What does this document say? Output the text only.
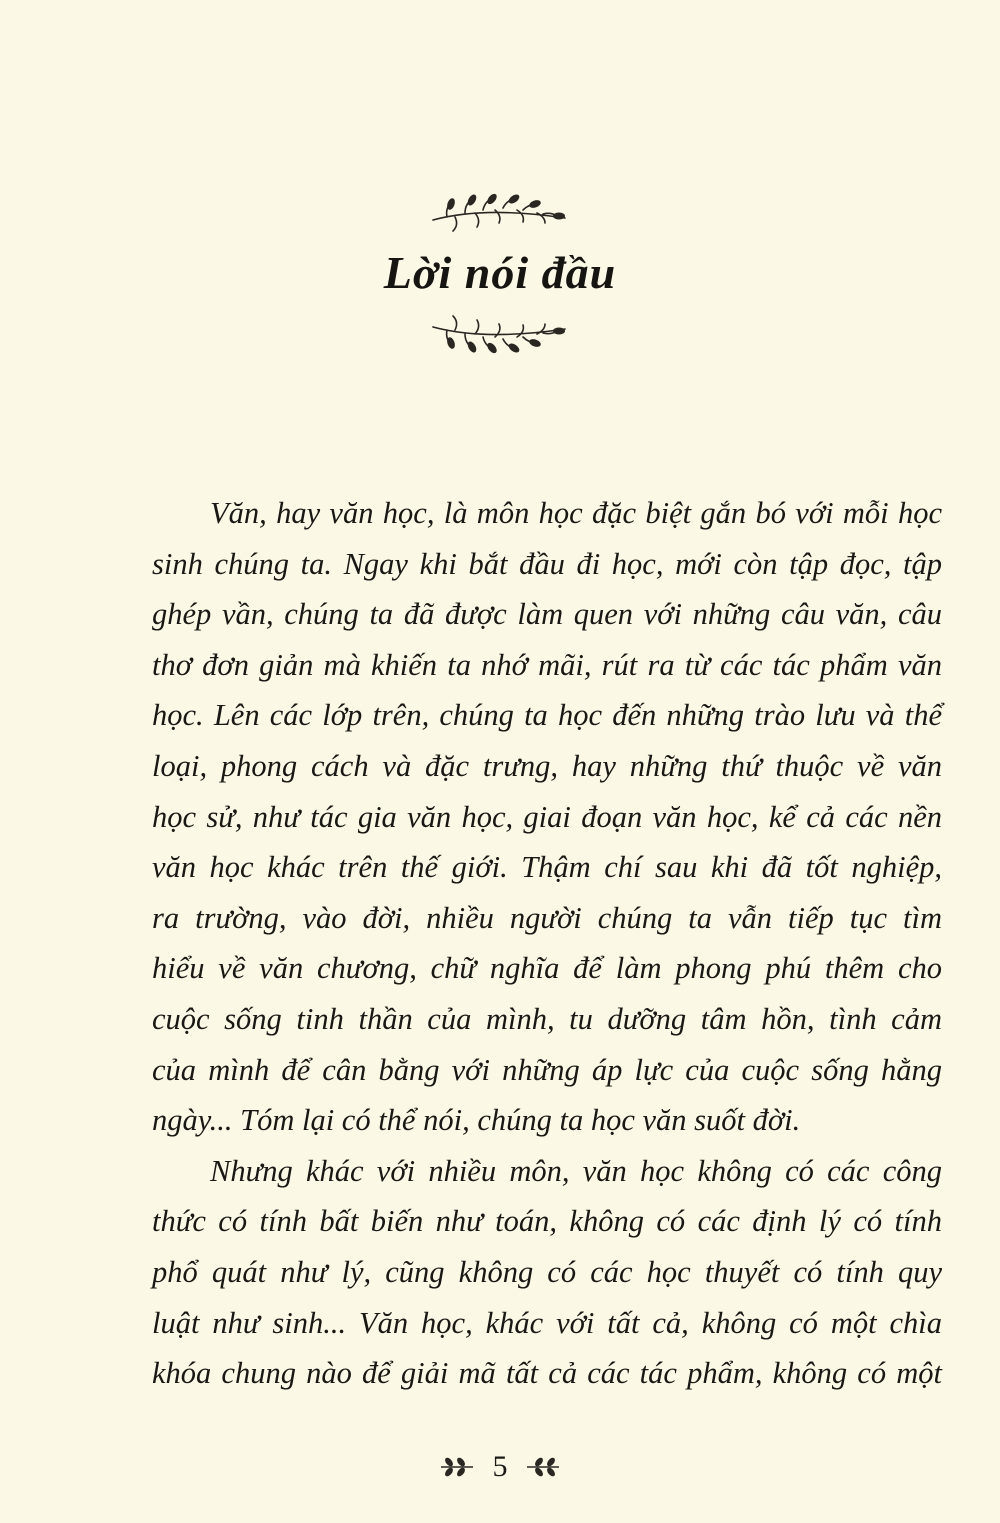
Lời nói đầu

Văn, hay văn học, là môn học đặc biệt gắn bó với mỗi học
sinh chúng ta. Ngay khi bắt đầu đi học, mới còn tập đọc, tập
ghép vần, chúng ta đã được làm quen với những câu văn, câu
thơ đơn giản mà khiến ta nhớ mãi, rút ra từ các tác phẩm văn
học. Lên các lớp trên, chúng ta học đến những trào lưu và thể
loại, phong cách và đặc trưng, hay những thứ thuộc về văn
học sử, như tác gia văn học, giai đoạn văn học, kể cả các nền
văn học khác trên thế giới. Thậm chí sau khi đã tốt nghiệp,
ra trường, vào đời, nhiều người chúng ta vẫn tiếp tục tìm
hiểu về văn chương, chữ nghĩa để làm phong phú thêm cho
cuộc sống tinh thần của mình, tu dưỡng tâm hồn, tình cảm
của mình để cân bằng với những áp lực của cuộc sống hằng
ngày... Tóm lại có thể nói, chúng ta học văn suốt đời.

Nhưng khác với nhiều môn, văn học không có các công
thức có tính bất biến như toán, không có các định lý có tính
phổ quát như lý, cũng không có các học thuyết có tính quy
luật như sinh... Văn học, khác với tất cả, không có một chìa
khóa chung nào để giải mã tất cả các tác phẩm, không có một

5
